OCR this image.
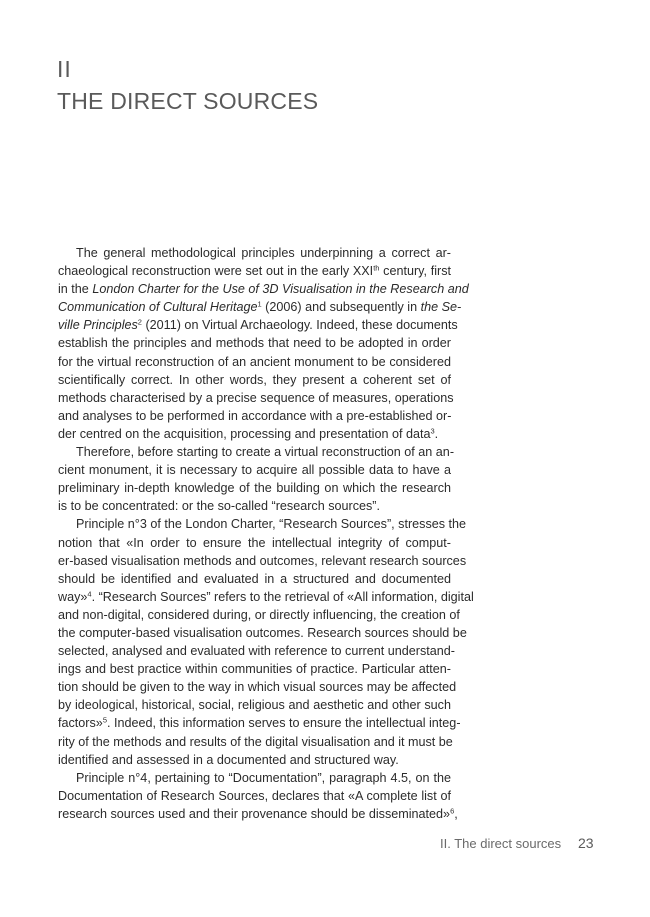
II
THE DIRECT SOURCES
The general methodological principles underpinning a correct ar-
chaeological reconstruction were set out in the early XXIth century, first
in the London Charter for the Use of 3D Visualisation in the Research and
Communication of Cultural Heritage$^1$ (2006) and subsequently in the Se-
ville Principles$^2$ (2011) on Virtual Archaeology. Indeed, these documents
establish the principles and methods that need to be adopted in order
for the virtual reconstruction of an ancient monument to be considered
scientifically correct. In other words, they present a coherent set of
methods characterised by a precise sequence of measures, operations
and analyses to be performed in accordance with a pre-established or-
der centred on the acquisition, processing and presentation of data$^3$.
Therefore, before starting to create a virtual reconstruction of an an-
cient monument, it is necessary to acquire all possible data to have a
preliminary in-depth knowledge of the building on which the research
is to be concentrated: or the so-called “research sources”.
Principle n°3 of the London Charter, “Research Sources”, stresses the
notion that «In order to ensure the intellectual integrity of comput-
er-based visualisation methods and outcomes, relevant research sources
should be identified and evaluated in a structured and documented
way»$^4$. “Research Sources” refers to the retrieval of «All information, digital
and non-digital, considered during, or directly influencing, the creation of
the computer-based visualisation outcomes. Research sources should be
selected, analysed and evaluated with reference to current understand-
ings and best practice within communities of practice. Particular atten-
tion should be given to the way in which visual sources may be affected
by ideological, historical, social, religious and aesthetic and other such
factors»$^5$. Indeed, this information serves to ensure the intellectual integ-
rity of the methods and results of the digital visualisation and it must be
identified and assessed in a documented and structured way.
Principle n°4, pertaining to “Documentation”, paragraph 4.5, on the
Documentation of Research Sources, declares that «A complete list of
research sources used and their provenance should be disseminated»$^6$,
II. The direct sources 23
